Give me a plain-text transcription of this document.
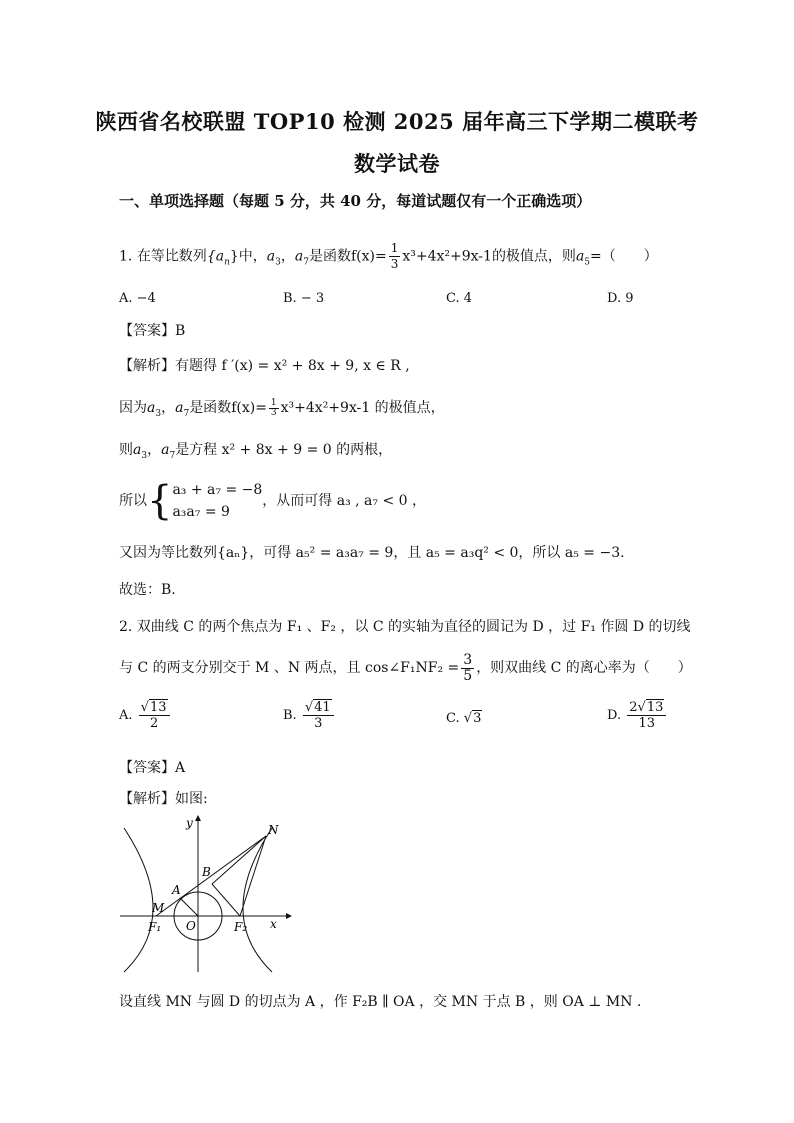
陕西省名校联盟 TOP10 检测 2025 届年高三下学期二模联考
数学试卷
一、单项选择题（每题 5 分，共 40 分，每道试题仅有一个正确选项）
1. 在等比数列$\{a_n\}$中，$a_3$，$a_7$是函数$f(x)= \frac{1}{3} x^3+4x^2+9x-1$的极值点，则$a_5=$（　　）
A. −4	B. − 3	C. 4	D. 9
【答案】B
【解析】有题得 f ′(x) = x² + 8x + 9, x ∈ R ,
因为$a_3$，$a_7$是函数$f(x)= \frac{1}{3} x^3+4x^2+9x-1$ 的极值点，
则$a_3$，$a_7$是方程 x² + 8x + 9 = 0 的两根，
所以{ a₃ + a₇ = −8
a₃a₇ = 9
，从而可得 a₃ , a₇ < 0 ，
又因为等比数列{aₙ}，可得 a₅² = a₃a₇ = 9，且 a₅ = a₃q² < 0，所以 a₅ = −3.
故选：B.
2. 双曲线 C 的两个焦点为 F₁ 、F₂ ，以 C 的实轴为直径的圆记为 D ，过 F₁ 作圆 D 的切线
与 C 的两支分别交于 M 、N 两点，且 cos∠F₁NF₂ = $\frac{3}{5}$ ，则双曲线 C 的离心率为（　　）
A. $\frac{√13}{2}$	B. $\frac{√41}{3}$	C. √3	D. $\frac{2√13}{13}$
【答案】A
【解析】如图:
y	N
B
A
M
F₁ O	F₂ x
设直线 MN 与圆 D 的切点为 A ，作 F₂B ∥ OA ，交 MN 于点 B ，则 OA ⊥ MN .
